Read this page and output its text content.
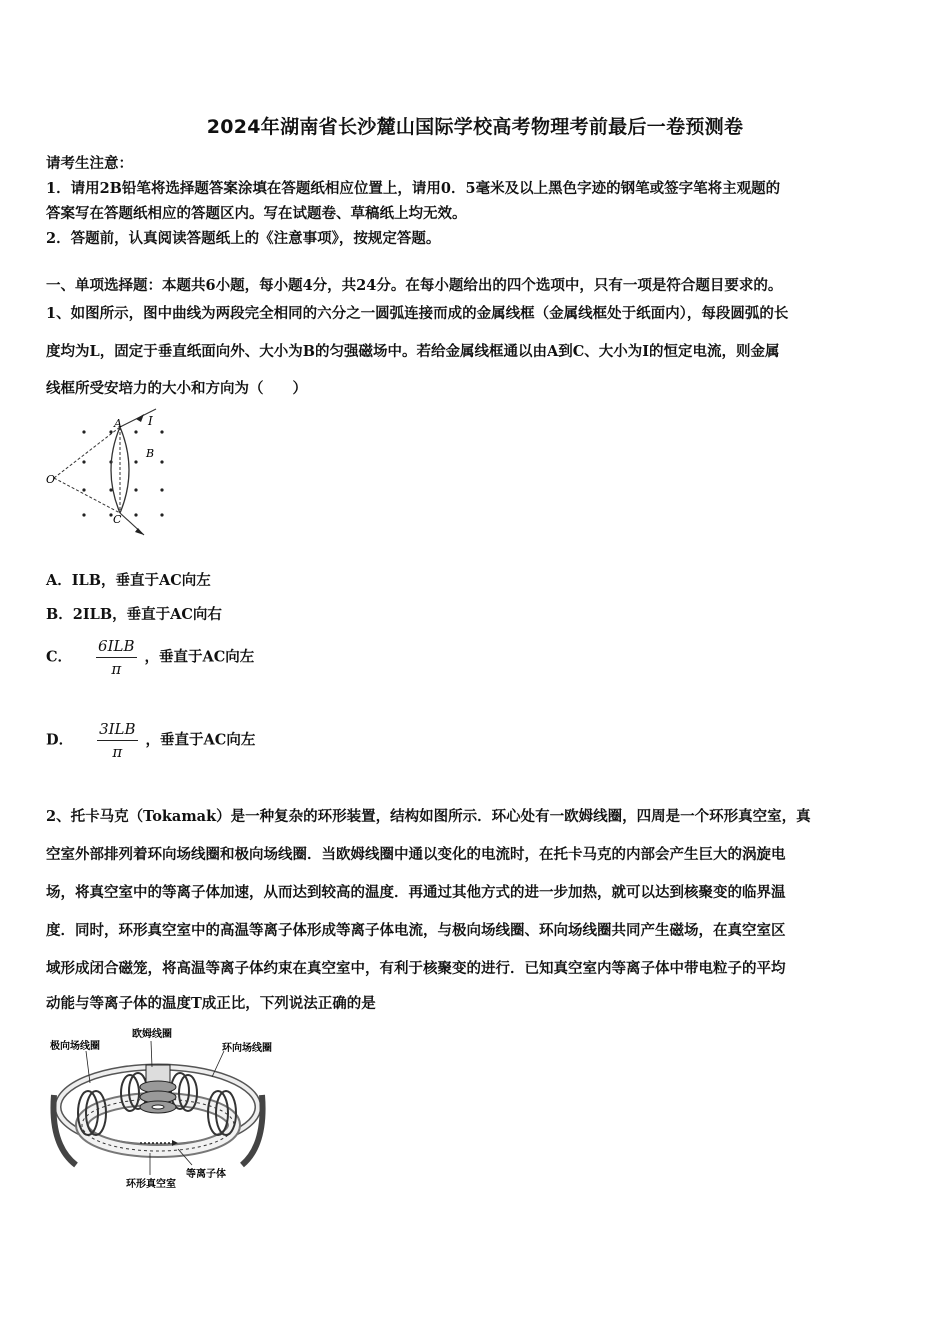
2024年湖南省长沙麓山国际学校高考物理考前最后一卷预测卷
请考生注意：
1．请用2B铅笔将选择题答案涂填在答题纸相应位置上，请用0．5毫米及以上黑色字迹的钢笔或签字笔将主观题的
答案写在答题纸相应的答题区内。写在试题卷、草稿纸上均无效。
2．答题前，认真阅读答题纸上的《注意事项》，按规定答题。
一、单项选择题：本题共6小题，每小题4分，共24分。在每小题给出的四个选项中，只有一项是符合题目要求的。
1、如图所示，图中曲线为两段完全相同的六分之一圆弧连接而成的金属线框（金属线框处于纸面内），每段圆弧的长
度均为L，固定于垂直纸面向外、大小为B的匀强磁场中。若给金属线框通以由A到C、大小为I的恒定电流，则金属
线框所受安培力的大小和方向为（　　）
A I
B
O
C
A．ILB，垂直于AC向左
B．2ILB，垂直于AC向右
C． $\frac{\text{6ILB}}{\pi}$ ，垂直于AC向左
D． $\frac{\text{3ILB}}{\pi}$ ，垂直于AC向左
2、托卡马克（Tokamak）是一种复杂的环形装置，结构如图所示．环心处有一欧姆线圈，四周是一个环形真空室，真
空室外部排列着环向场线圈和极向场线圈．当欧姆线圈中通以变化的电流时，在托卡马克的内部会产生巨大的涡旋电
场，将真空室中的等离子体加速，从而达到较高的温度．再通过其他方式的进一步加热，就可以达到核聚变的临界温
度．同时，环形真空室中的高温等离子体形成等离子体电流，与极向场线圈、环向场线圈共同产生磁场，在真空室区
域形成闭合磁笼，将高温等离子体约束在真空室中，有利于核聚变的进行．已知真空室内等离子体中带电粒子的平均
动能与等离子体的温度T成正比，下列说法正确的是
极向场线圈
欧姆线圈
环向场线圈
等离子体
环形真空室
